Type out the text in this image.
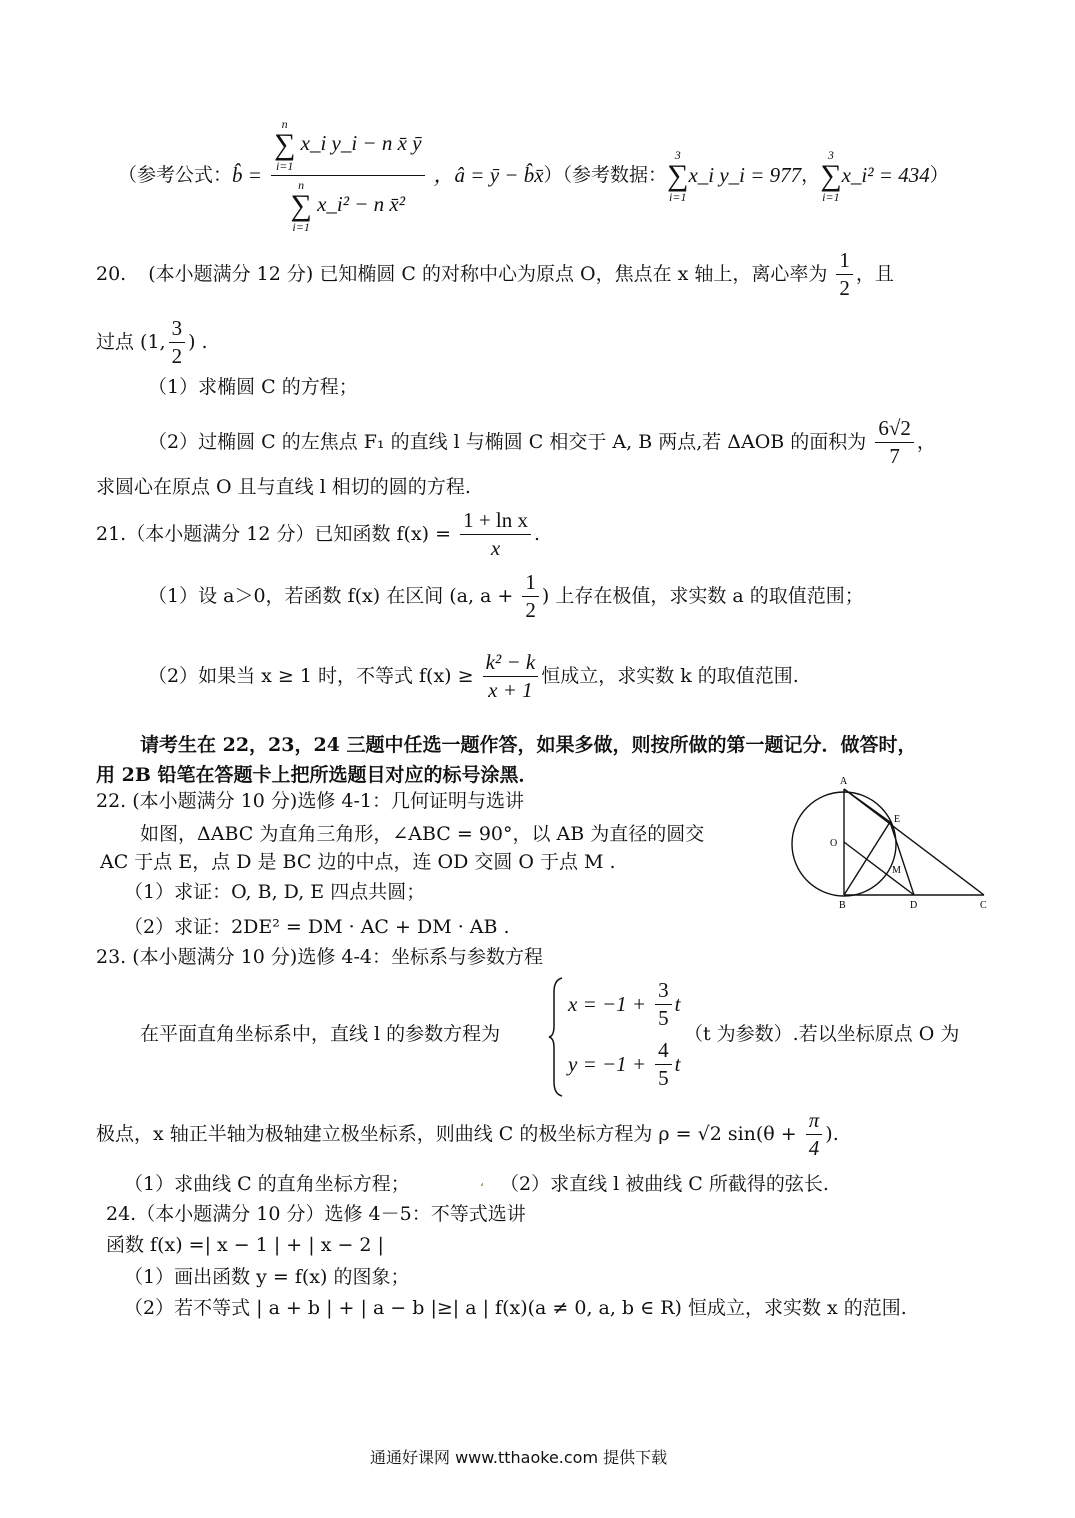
（参考公式：b̂ = n
∑
i=1
x_i y_i − n x̄ ȳ
n
∑
i=1
x_i² − n x̄² ，â = ȳ − b̂x̄）（参考数据：
3
∑
i=1
x_i y_i = 977，
3
∑
i=1
x_i² = 434）
20. (本小题满分 12 分) 已知椭圆 C 的对称中心为原点 O，焦点在 x 轴上，离心率为 $\frac{1}{2}$ ，且
过点 (1, $\frac{3}{2}$ ) .
（1）求椭圆 C 的方程；
（2）过椭圆 C 的左焦点 F₁ 的直线 l 与椭圆 C 相交于 A, B 两点,若 ΔAOB 的面积为 $\frac{6√2}{7}$ ，
求圆心在原点 O 且与直线 l 相切的圆的方程.
21.（本小题满分 12 分）已知函数 $f(x) = \frac{\text{1 + ln x}}{x}$ .
（1）设 a＞0，若函数 f(x) 在区间 (a, $a + \frac{1}{2}$ ) 上存在极值，求实数 a 的取值范围；
（2）如果当 x ≥ 1 时，不等式 $f(x) \ge \frac{\text{k² − k}}{x + 1}$ 恒成立，求实数 k 的取值范围.
请考生在 22，23，24 三题中任选一题作答，如果多做，则按所做的第一题记分．做答时，
用 2B 铅笔在答题卡上把所选题目对应的标号涂黑．
22. (本小题满分 10 分)选修 4-1：几何证明与选讲
如图，ΔABC 为直角三角形，∠ABC = 90°，以 AB 为直径的圆交
AC 于点 E，点 D 是 BC 边的中点，连 OD 交圆 O 于点 M .
（1）求证：O, B, D, E 四点共圆；
（2）求证：2DE² = DM · AC + DM · AB .
A
E
O
M
B	D	C
23. (本小题满分 10 分)选修 4-4：坐标系与参数方程
在平面直角坐标系中，直线 l 的参数方程为
$x = -1 + \frac{3}{5}$ t
$y = -1 + \frac{4}{5}$ t
（t 为参数）.若以坐标原点 O 为
极点，x 轴正半轴为极轴建立极坐标系，则曲线 C 的极坐标方程为 ρ = √2 $\sin(\theta + \frac{\pi}{4}$ ).
（1）求曲线 C 的直角坐标方程；	، （2）求直线 l 被曲线 C 所截得的弦长.
24.（本小题满分 10 分）选修 4－5：不等式选讲
函数 f(x) =| x − 1 | + | x − 2 |
（1）画出函数 y = f(x) 的图象；
（2）若不等式 | a + b | + | a − b |≥| a | f(x)(a ≠ 0, a, b ∈ R) 恒成立，求实数 x 的范围.
通通好课网 www.tthaoke.com 提供下载
